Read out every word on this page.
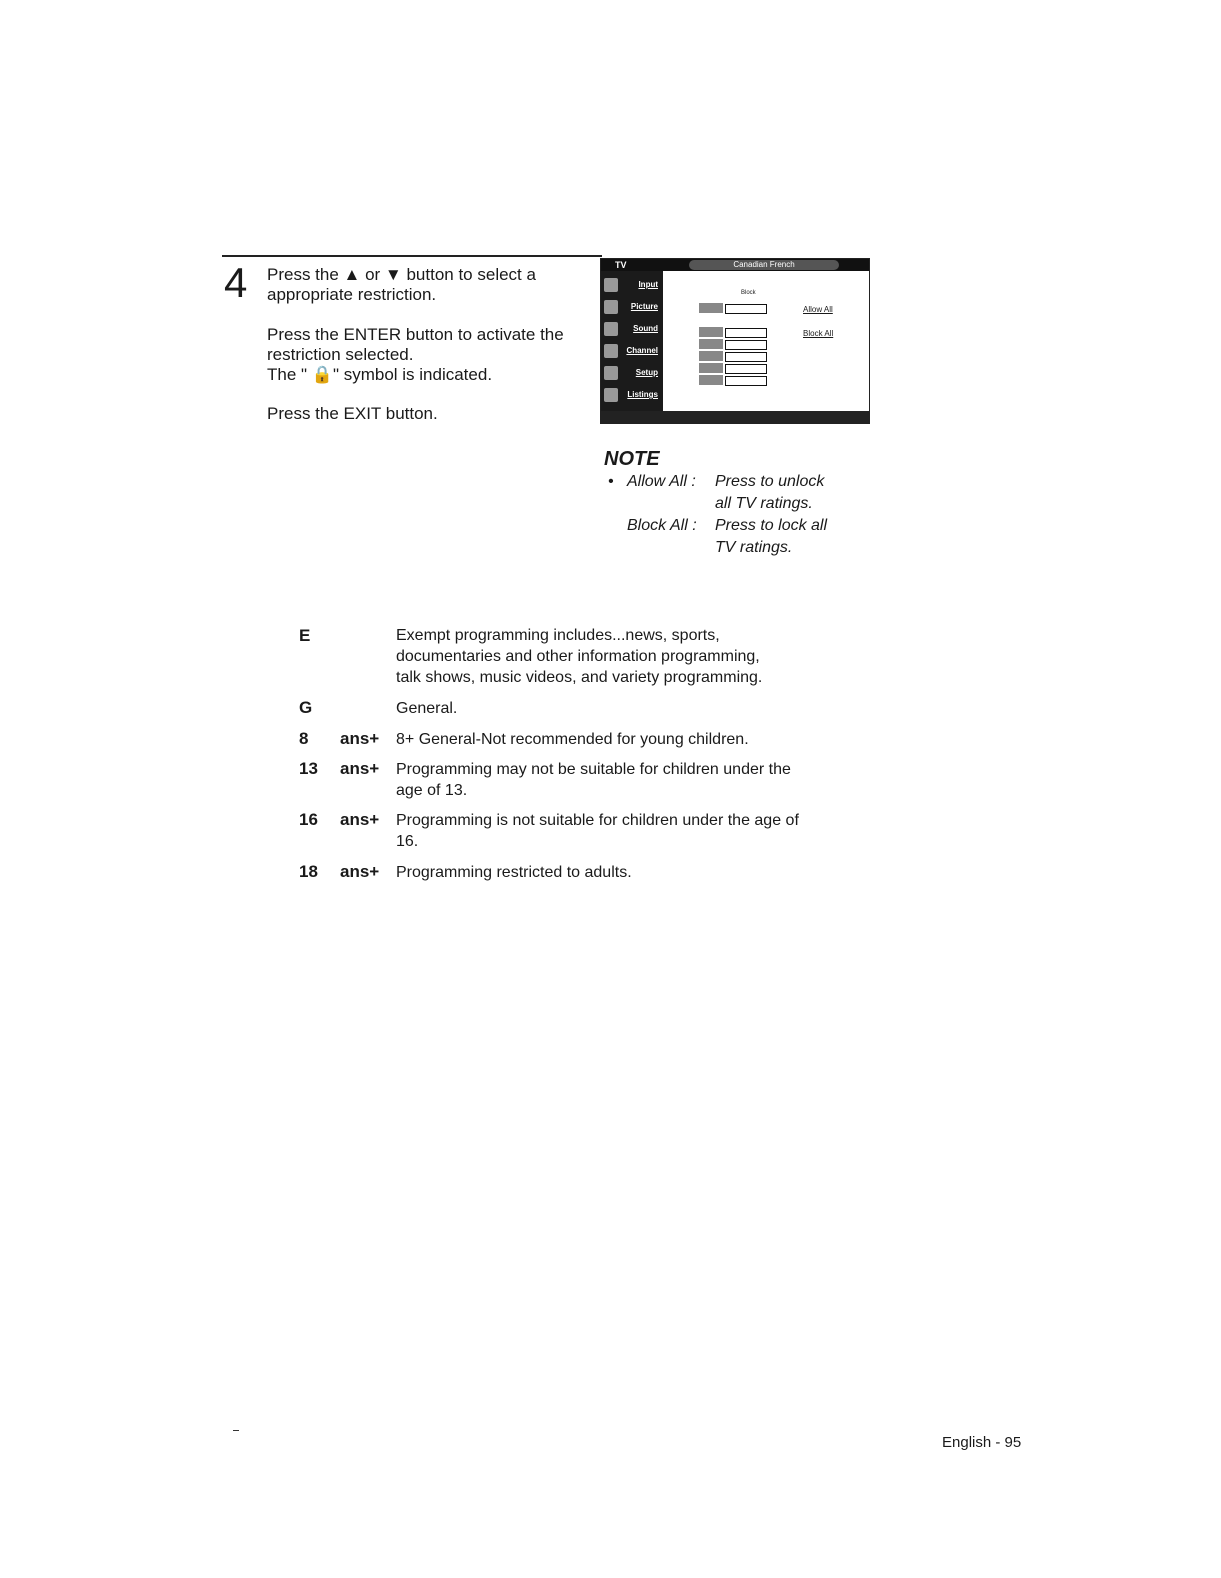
4 Press the ▲ or ▼ button to select a
appropriate restriction.

Press the ENTER button to activate the
restriction selected.
The " 🔒" symbol is indicated.

Press the EXIT button.

TV	Canadian French
Input
Picture
Sound
Channel
Setup
Listings
Block
Allow All
Block All
NOTE
• Allow All : Press to unlock
all TV ratings.
Block All : Press to lock all
TV ratings.
E	Exempt programming includes...news, sports,
documentaries and other information programming,
talk shows, music videos, and variety programming.
G	General.
8 ans+ 8+ General-Not recommended for young children.
13 ans+ Programming may not be suitable for children under the
age of 13.
16 ans+ Programming is not suitable for children under the age of
16.
18 ans+ Programming restricted to adults.
English - 95
